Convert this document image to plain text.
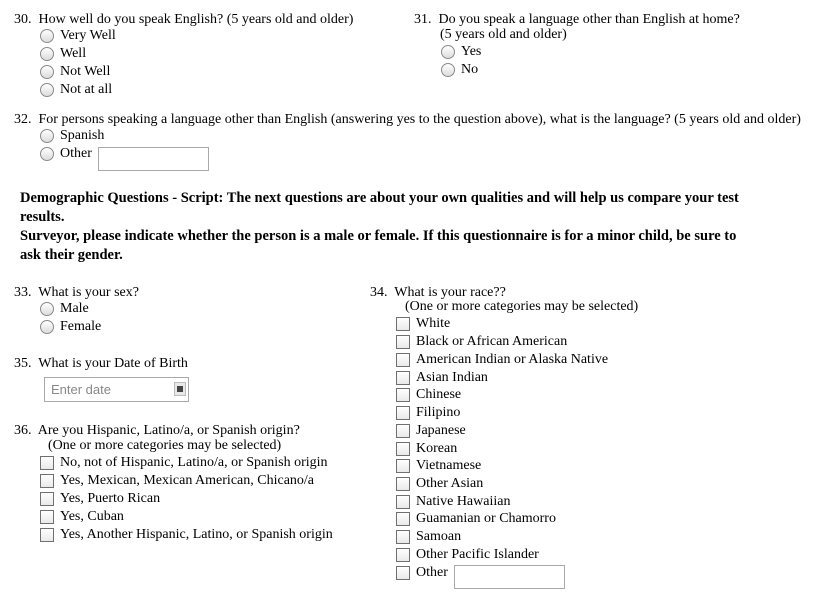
30. How well do you speak English? (5 years old and older)
Very Well
Well
Not Well
Not at all
31. Do you speak a language other than English at home?
(5 years old and older)
Yes
No
32. For persons speaking a language other than English (answering yes to the question above), what is the language? (5 years old and older)
Spanish
Other
Demographic Questions - Script: The next questions are about your own qualities and will help us compare your test
results.
Surveyor, please indicate whether the person is a male or female. If this questionnaire is for a minor child, be sure to
ask their gender.
33. What is your sex?
Male
Female
35. What is your Date of Birth
Enter date
36. Are you Hispanic, Latino/a, or Spanish origin?
(One or more categories may be selected)
No, not of Hispanic, Latino/a, or Spanish origin
Yes, Mexican, Mexican American, Chicano/a
Yes, Puerto Rican
Yes, Cuban
Yes, Another Hispanic, Latino, or Spanish origin
34. What is your race??
(One or more categories may be selected)
White
Black or African American
American Indian or Alaska Native
Asian Indian
Chinese
Filipino
Japanese
Korean
Vietnamese
Other Asian
Native Hawaiian
Guamanian or Chamorro
Samoan
Other Pacific Islander
Other
